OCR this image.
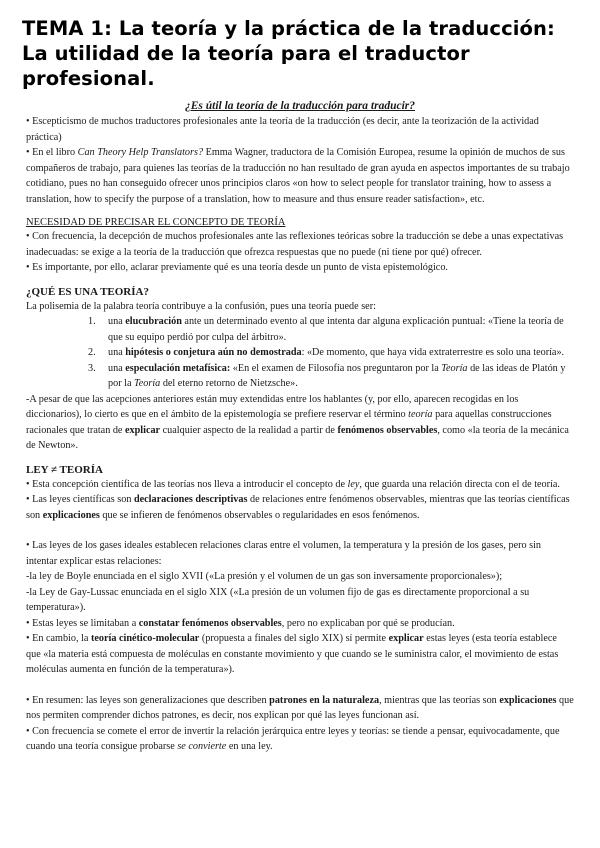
TEMA 1: La teoría y la práctica de la traducción: La utilidad de la teoría para el traductor profesional.

¿Es útil la teoría de la traducción para traducir?

• Escepticismo de muchos traductores profesionales ante la teoría de la traducción (es decir, ante la teorización de la actividad práctica)

• En el libro Can Theory Help Translators? Emma Wagner, traductora de la Comisión Europea, resume la opinión de muchos de sus compañeros de trabajo, para quienes las teorías de la traducción no han resultado de gran ayuda en aspectos importantes de su trabajo cotidiano, pues no han conseguido ofrecer unos principios claros «on how to select people for translator training, how to assess a translation, how to specify the purpose of a translation, how to measure and thus ensure reader satisfaction», etc.

NECESIDAD DE PRECISAR EL CONCEPTO DE TEORÍA

• Con frecuencia, la decepción de muchos profesionales ante las reflexiones teóricas sobre la traducción se debe a unas expectativas inadecuadas: se exige a la teoría de la traducción que ofrezca respuestas que no puede (ni tiene por qué) ofrecer.

• Es importante, por ello, aclarar previamente qué es una teoría desde un punto de vista epistemológico.

¿QUÉ ES UNA TEORÍA?

La polisemia de la palabra teoría contribuye a la confusión, pues una teoría puede ser:

1.	una elucubración ante un determinado evento al que intenta dar alguna explicación puntual: «Tiene la teoría de que su equipo perdió por culpa del árbitro».
2.	una hipótesis o conjetura aún no demostrada: «De momento, que haya vida extraterrestre es solo una teoría».
3.	una especulación metafísica: «En el examen de Filosofía nos preguntaron por la Teoría de las ideas de Platón y por la Teoría del eterno retorno de Nietzsche».

-A pesar de que las acepciones anteriores están muy extendidas entre los hablantes (y, por ello, aparecen recogidas en los diccionarios), lo cierto es que en el ámbito de la epistemología se prefiere reservar el término teoría para aquellas construcciones racionales que tratan de explicar cualquier aspecto de la realidad a partir de fenómenos observables, como «la teoría de la mecánica de Newton».

LEY ≠ TEORÍA

• Esta concepción científica de las teorías nos lleva a introducir el concepto de ley, que guarda una relación directa con el de teoría.

• Las leyes científicas son declaraciones descriptivas de relaciones entre fenómenos observables, mientras que las teorías científicas son explicaciones que se infieren de fenómenos observables o regularidades en esos fenómenos.

• Las leyes de los gases ideales establecen relaciones claras entre el volumen, la temperatura y la presión de los gases, pero sin intentar explicar estas relaciones:

-la ley de Boyle enunciada en el siglo XVII («La presión y el volumen de un gas son inversamente proporcionales»);

-la Ley de Gay-Lussac enunciada en el siglo XIX («La presión de un volumen fijo de gas es directamente proporcional a su temperatura»).

• Estas leyes se limitaban a constatar fenómenos observables, pero no explicaban por qué se producían.

• En cambio, la teoría cinético-molecular (propuesta a finales del siglo XIX) sí permite explicar estas leyes (esta teoría establece que «la materia está compuesta de moléculas en constante movimiento y que cuando se le suministra calor, el movimiento de estas moléculas aumenta en función de la temperatura»).

• En resumen: las leyes son generalizaciones que describen patrones en la naturaleza, mientras que las teorías son explicaciones que nos permiten comprender dichos patrones, es decir, nos explican por qué las leyes funcionan así.

• Con frecuencia se comete el error de invertir la relación jerárquica entre leyes y teorías: se tiende a pensar, equivocadamente, que cuando una teoría consigue probarse se convierte en una ley.
